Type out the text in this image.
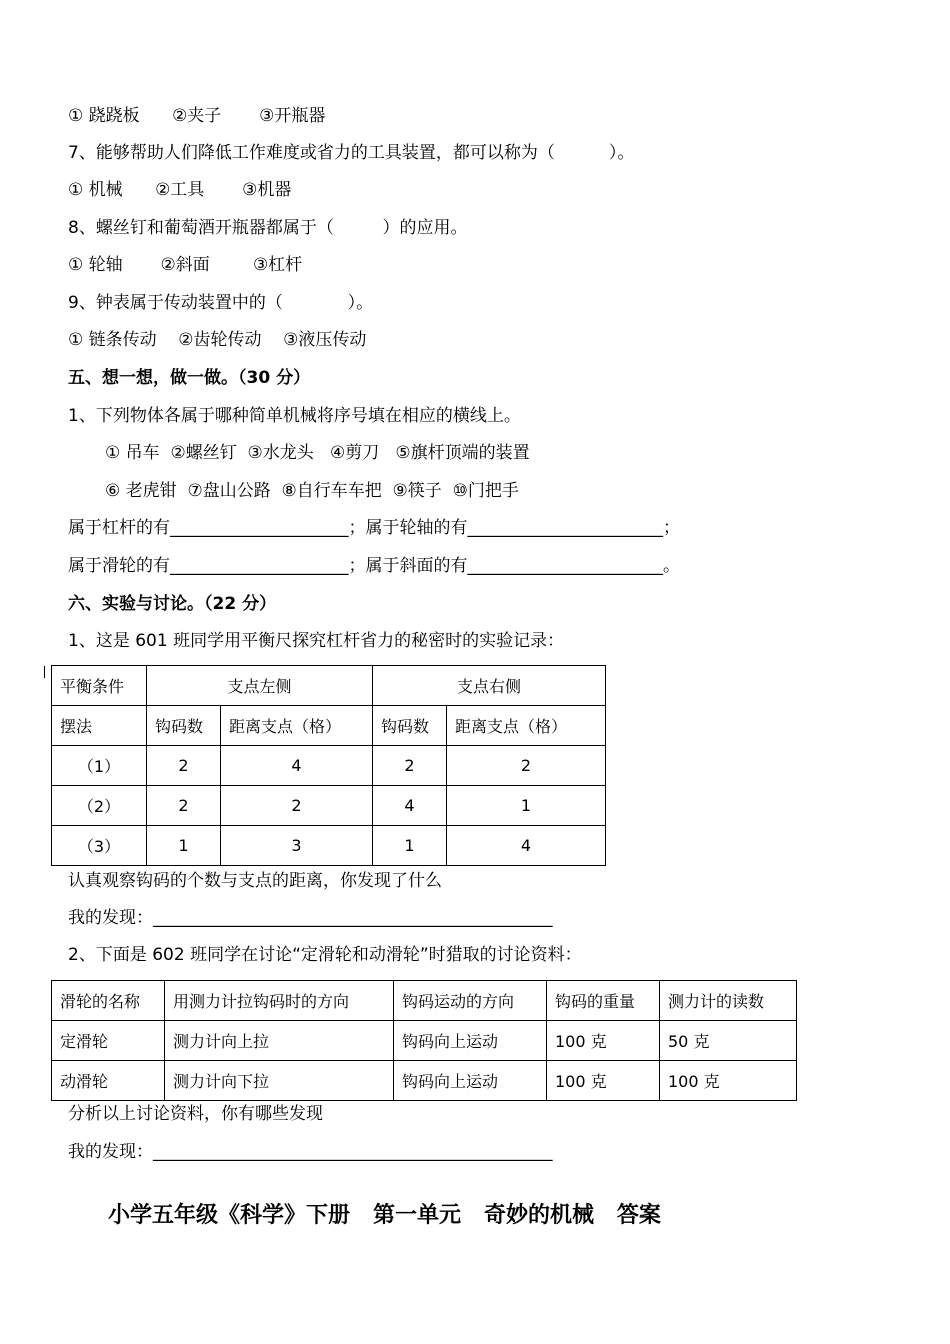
① 跷跷板      ②夹子       ③开瓶器
7、能够帮助人们降低工作难度或省力的工具装置，都可以称为（          ）。
① 机械      ②工具       ③机器
8、螺丝钉和葡萄酒开瓶器都属于（         ）的应用。
① 轮轴       ②斜面        ③杠杆
9、钟表属于传动装置中的（            ）。
① 链条传动    ②齿轮传动    ③液压传动
五、想一想，做一做。（30 分）
1、下列物体各属于哪种简单机械将序号填在相应的横线上。
① 吊车  ②螺丝钉  ③水龙头   ④剪刀   ⑤旗杆顶端的装置
⑥ 老虎钳  ⑦盘山公路  ⑧自行车车把  ⑨筷子  ⑩门把手
属于杠杆的有_____________________；属于轮轴的有_______________________；
属于滑轮的有_____________________；属于斜面的有_______________________。
六、实验与讨论。（22 分）
1、这是 601 班同学用平衡尺探究杠杆省力的秘密时的实验记录：
平衡条件	支点左侧		支点右侧	
摆法	钩码数	距离支点（格）	钩码数	距离支点（格）
（1）	2	4	2	2
（2）	2	2	4	1
（3）	1	3	1	4
认真观察钩码的个数与支点的距离，你发现了什么
我的发现：_______________________________________________
2、下面是 602 班同学在讨论“定滑轮和动滑轮”时猎取的讨论资料：
滑轮的名称	用测力计拉钩码时的方向	钩码运动的方向	钩码的重量	测力计的读数
定滑轮	测力计向上拉	钩码向上运动	100 克	50 克
动滑轮	测力计向下拉	钩码向上运动	100 克	100 克
分析以上讨论资料，你有哪些发现
我的发现：_______________________________________________
小学五年级《科学》下册   第一单元   奇妙的机械   答案
